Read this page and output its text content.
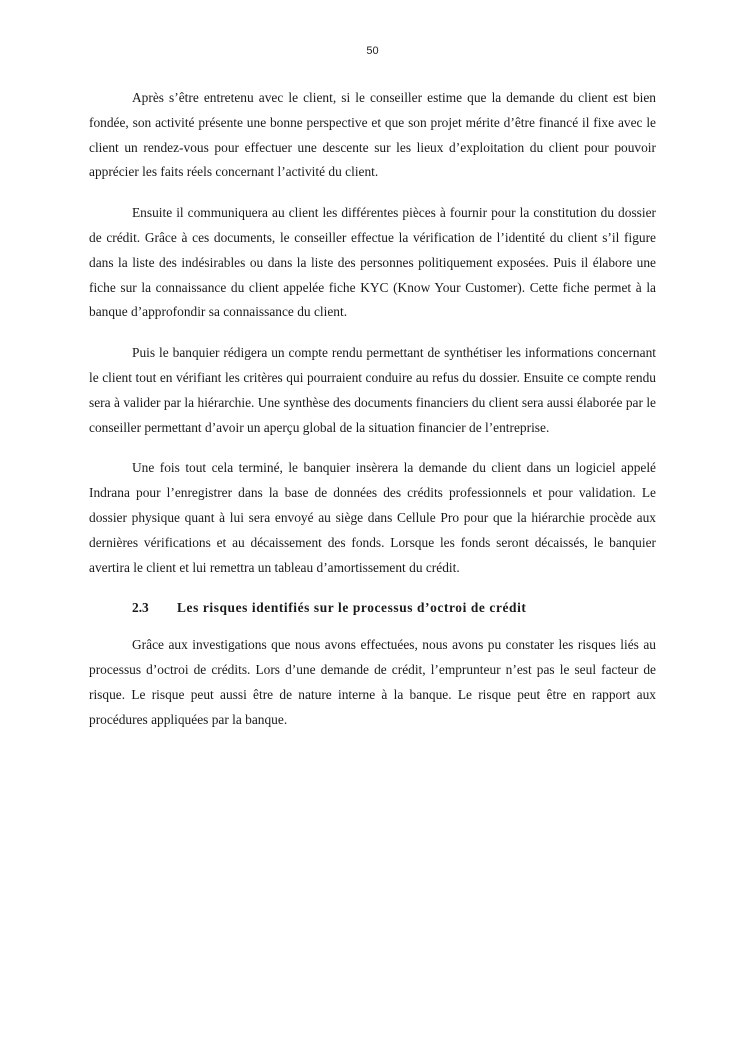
50

Après s’être entretenu avec le client, si le conseiller estime que la demande du client est bien fondée, son activité présente une bonne perspective et que son projet mérite d’être financé il fixe avec le client un rendez-vous pour effectuer une descente sur les lieux d’exploitation du client pour pouvoir apprécier les faits réels concernant l’activité du client.

Ensuite il communiquera au client les différentes pièces à fournir pour la constitution du dossier de crédit. Grâce à ces documents, le conseiller effectue la vérification de l’identité du client s’il figure dans la liste des indésirables ou dans la liste des personnes politiquement exposées. Puis il élabore une fiche sur la connaissance du client appelée fiche KYC (Know Your Customer). Cette fiche permet à la banque d’approfondir sa connaissance du client.

Puis le banquier rédigera un compte rendu permettant de synthétiser les informations concernant le client tout en vérifiant les critères qui pourraient conduire au refus du dossier. Ensuite ce compte rendu sera à valider par la hiérarchie. Une synthèse des documents financiers du client sera aussi élaborée par le conseiller permettant d’avoir un aperçu global de la situation financier de l’entreprise.

Une fois tout cela terminé, le banquier insèrera la demande du client dans un logiciel appelé Indrana pour l’enregistrer dans la base de données des crédits professionnels et pour validation. Le dossier physique quant à lui sera envoyé au siège dans Cellule Pro pour que la hiérarchie procède aux dernières vérifications et au décaissement des fonds. Lorsque les fonds seront décaissés, le banquier avertira le client et lui remettra un tableau d’amortissement du crédit.

2.3 Les risques identifiés sur le processus d’octroi de crédit

Grâce aux investigations que nous avons effectuées, nous avons pu constater les risques liés au processus d’octroi de crédits. Lors d’une demande de crédit, l’emprunteur n’est pas le seul facteur de risque. Le risque peut aussi être de nature interne à la banque. Le risque peut être en rapport aux procédures appliquées par la banque.
